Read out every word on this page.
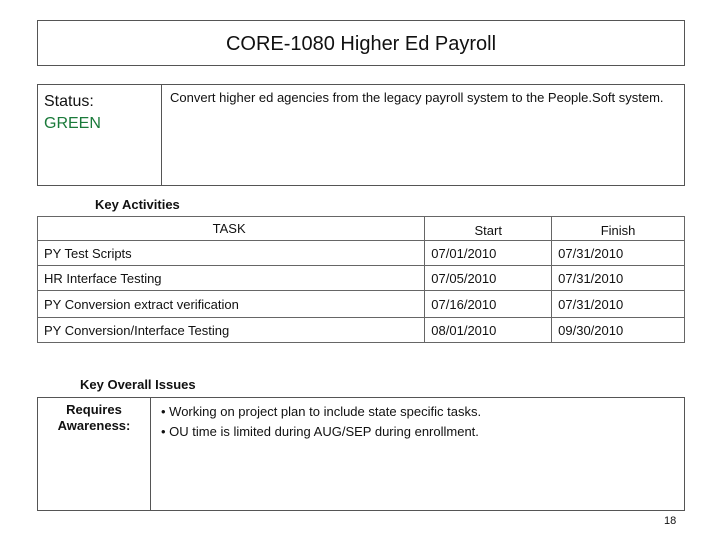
CORE-1080 Higher Ed Payroll
Status:
GREEN
Convert higher ed agencies from the legacy payroll system to the People.Soft system.
Key Activities
TASK	Start	Finish
PY Test Scripts	07/01/2010	07/31/2010
HR Interface Testing	07/05/2010	07/31/2010
PY Conversion extract verification	07/16/2010	07/31/2010
PY Conversion/Interface Testing	08/01/2010	09/30/2010
Key Overall Issues
Requires
Awareness:
• Working on project plan to include state specific tasks.
• OU time is limited during AUG/SEP during enrollment.
18
